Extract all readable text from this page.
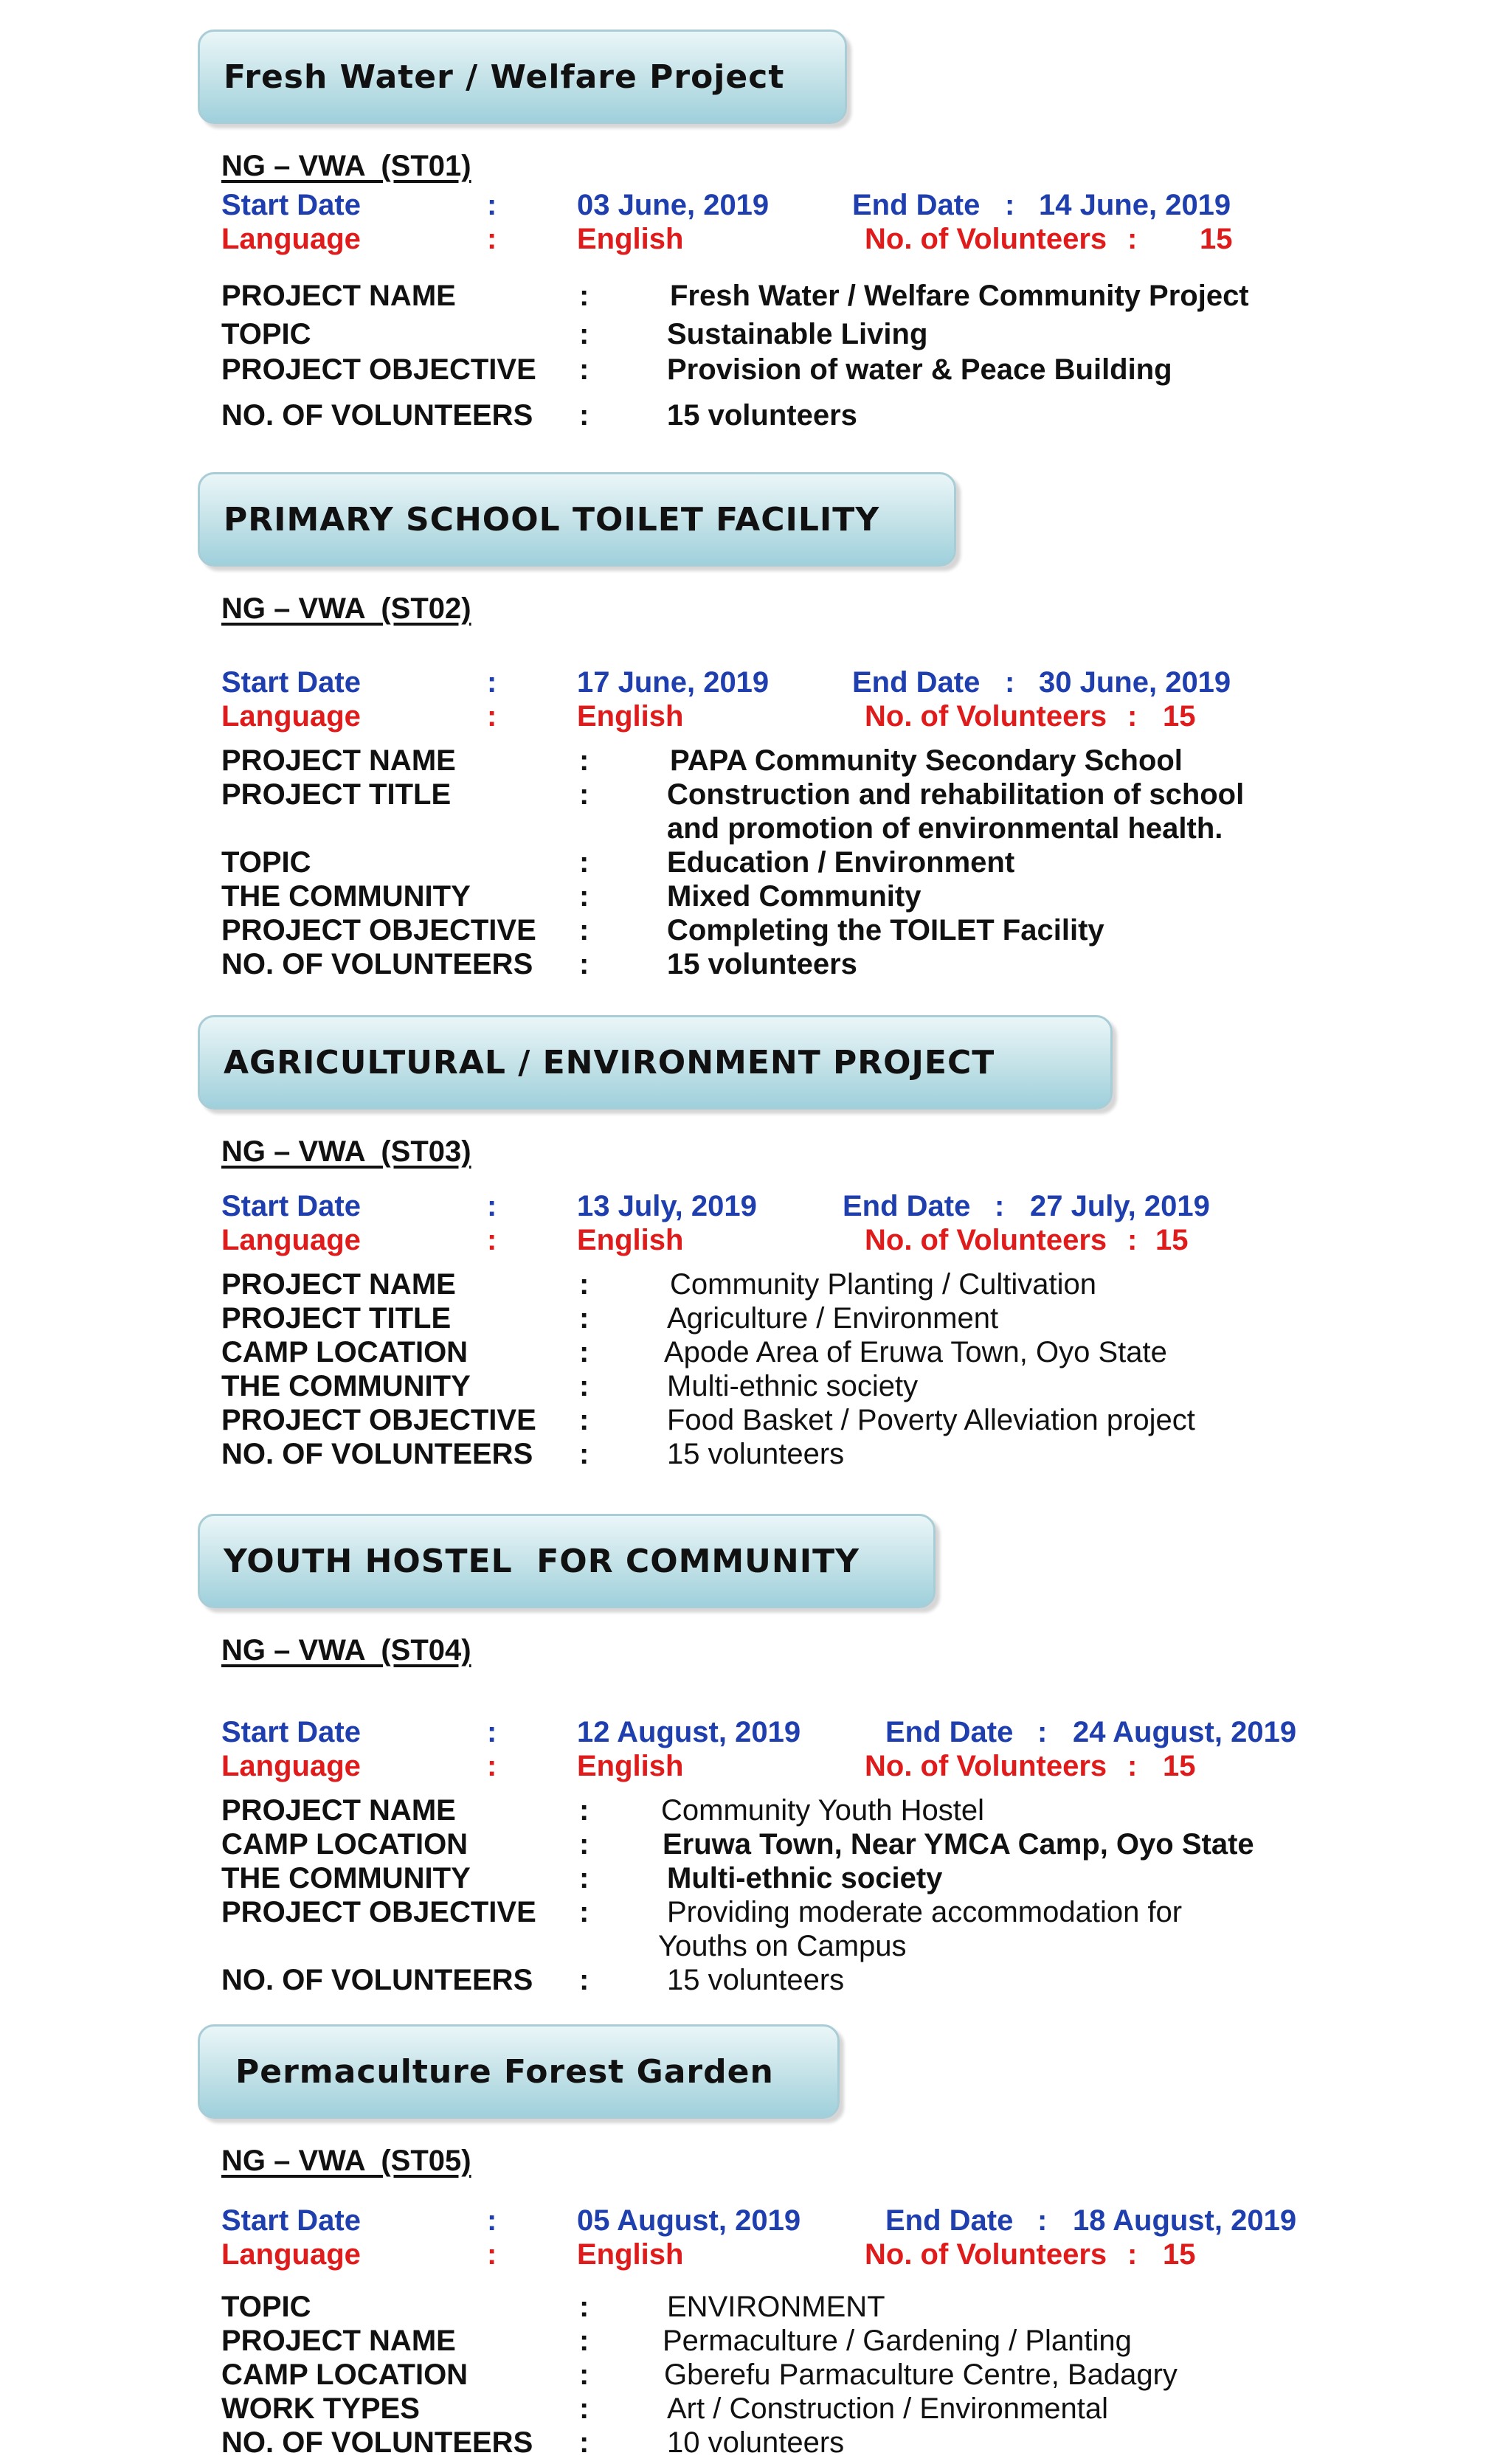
Fresh Water / Welfare Project
NG – VWA  (ST01)
Start Date	:	03 June, 2019	End Date : 14 June, 2019
Language	:	English	No. of Volunteers : 15
PROJECT NAME	:	Fresh Water / Welfare Community Project
TOPIC	:	Sustainable Living
PROJECT OBJECTIVE :	Provision of water & Peace Building
NO. OF VOLUNTEERS :	15 volunteers
PRIMARY SCHOOL TOILET FACILITY
NG – VWA  (ST02)
Start Date	:	17 June, 2019	End Date : 30 June, 2019
Language	:	English	No. of Volunteers : 15
PROJECT NAME	:	PAPA Community Secondary School
PROJECT TITLE	:	Construction and rehabilitation of school
and promotion of environmental health.
TOPIC	:	Education / Environment
THE COMMUNITY	:	Mixed Community
PROJECT OBJECTIVE :	Completing the TOILET Facility
NO. OF VOLUNTEERS :	15 volunteers
AGRICULTURAL / ENVIRONMENT PROJECT
NG – VWA  (ST03)
Start Date	:	13 July, 2019	End Date : 27 July, 2019
Language	:	English	No. of Volunteers : 15
PROJECT NAME	:	Community Planting / Cultivation
PROJECT TITLE	:	Agriculture / Environment
CAMP LOCATION	:	Apode Area of Eruwa Town, Oyo State
THE COMMUNITY	:	Multi-ethnic society
PROJECT OBJECTIVE :	Food Basket / Poverty Alleviation project
NO. OF VOLUNTEERS :	15 volunteers
YOUTH HOSTEL  FOR COMMUNITY
NG – VWA  (ST04)
Start Date	:	12 August, 2019	End Date : 24 August, 2019
Language	:	English	No. of Volunteers : 15
PROJECT NAME	: Community Youth Hostel
CAMP LOCATION	: Eruwa Town, Near YMCA Camp, Oyo State
THE COMMUNITY	:	Multi-ethnic society
PROJECT OBJECTIVE :	Providing moderate accommodation for
Youths on Campus
NO. OF VOLUNTEERS :	15 volunteers
Permaculture Forest Garden
NG – VWA  (ST05)
Start Date	:	05 August, 2019	End Date : 18 August, 2019
Language	:	English	No. of Volunteers : 15
TOPIC	:	ENVIRONMENT
PROJECT NAME	: Permaculture / Gardening / Planting
CAMP LOCATION	:	Gberefu Parmaculture Centre, Badagry
WORK TYPES	:	Art / Construction / Environmental
NO. OF VOLUNTEERS :	10 volunteers
